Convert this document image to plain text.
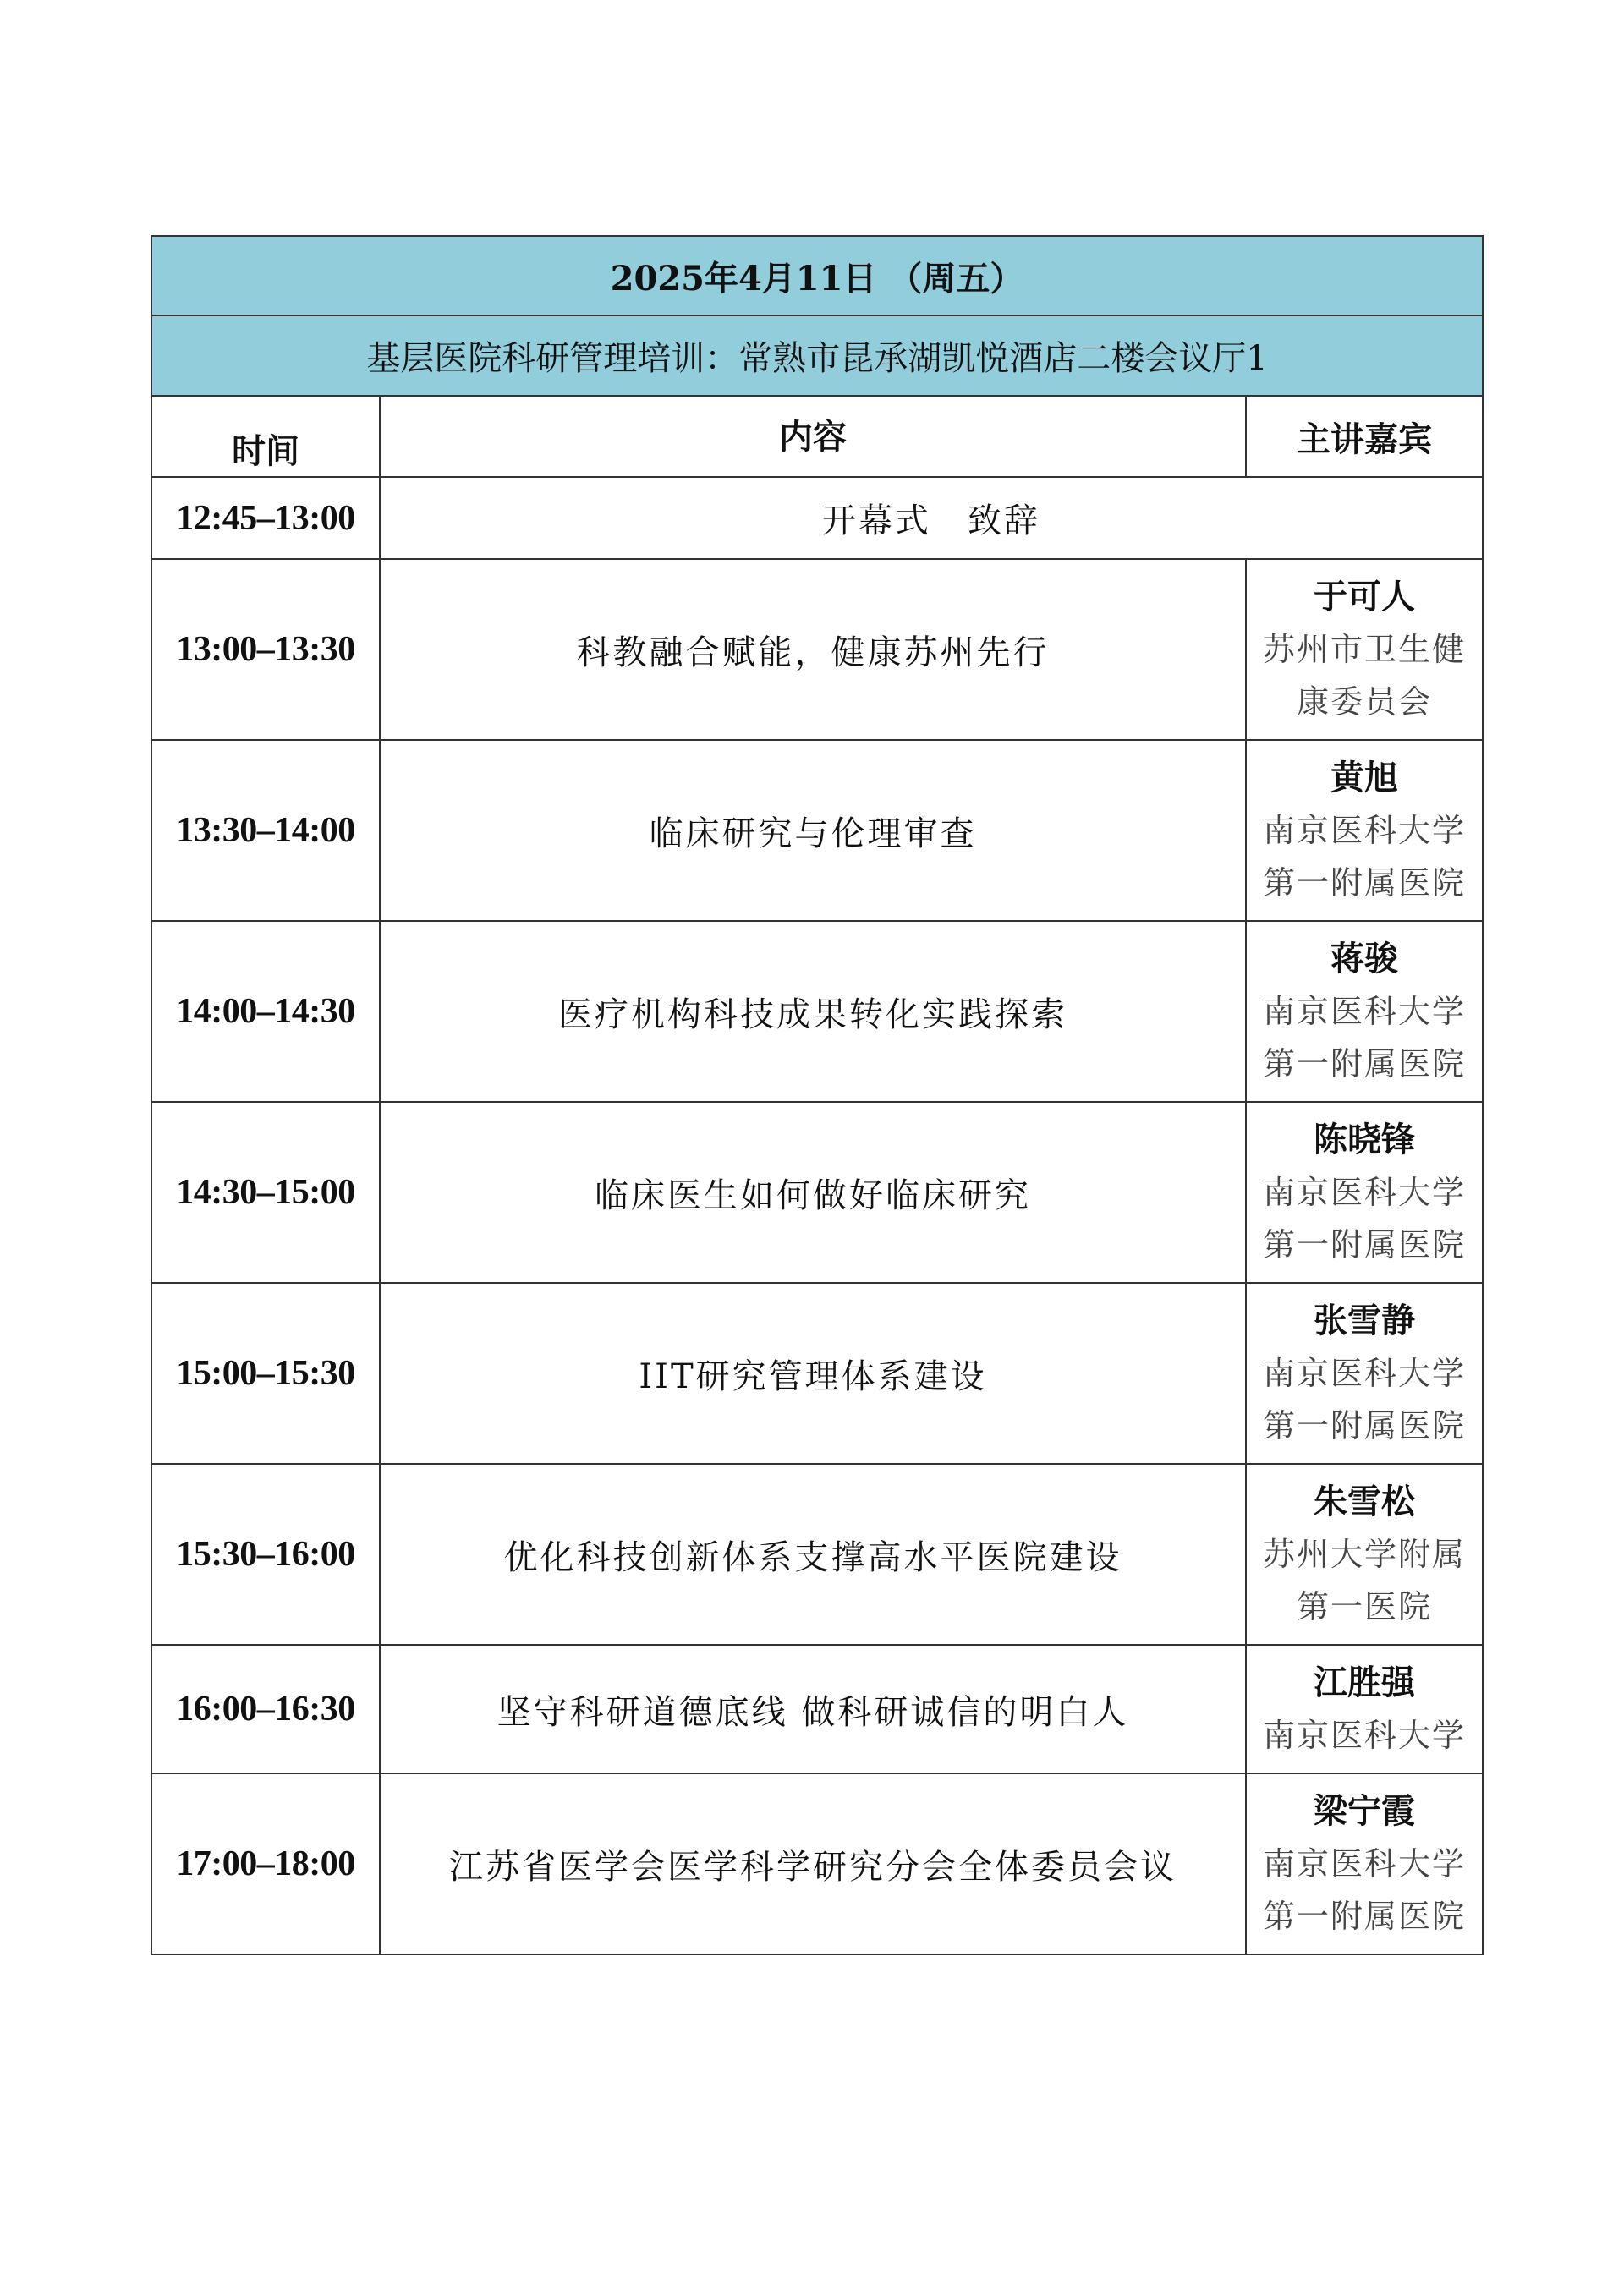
2025年4月11日 （周五）		
基层医院科研管理培训：常熟市昆承湖凯悦酒店二楼会议厅1		
时间	内容	主讲嘉宾
12:45–13:00	开幕式　致辞	
13:00–13:30	科教融合赋能，健康苏州先行	于可人
苏州市卫生健
康委员会

13:30–14:00	临床研究与伦理审查	黄旭
南京医科大学
第一附属医院

14:00–14:30	医疗机构科技成果转化实践探索	蒋骏
南京医科大学
第一附属医院

14:30–15:00	临床医生如何做好临床研究	陈晓锋
南京医科大学
第一附属医院

15:00–15:30	IIT研究管理体系建设	张雪静
南京医科大学
第一附属医院

15:30–16:00	优化科技创新体系支撑高水平医院建设	朱雪松
苏州大学附属
第一医院

16:00–16:30	坚守科研道德底线 做科研诚信的明白人	江胜强
南京医科大学

17:00–18:00	江苏省医学会医学科学研究分会全体委员会议	梁宁霞
南京医科大学
第一附属医院
